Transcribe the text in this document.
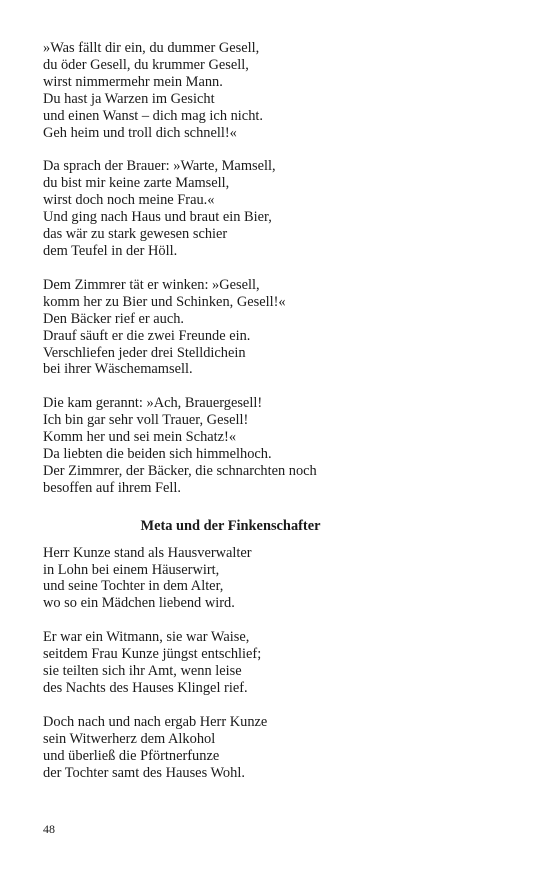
»Was fällt dir ein, du dummer Gesell,
du öder Gesell, du krummer Gesell,
wirst nimmermehr mein Mann.
Du hast ja Warzen im Gesicht
und einen Wanst – dich mag ich nicht.
Geh heim und troll dich schnell!«
Da sprach der Brauer: »Warte, Mamsell,
du bist mir keine zarte Mamsell,
wirst doch noch meine Frau.«
Und ging nach Haus und braut ein Bier,
das wär zu stark gewesen schier
dem Teufel in der Höll.
Dem Zimmrer tät er winken: »Gesell,
komm her zu Bier und Schinken, Gesell!«
Den Bäcker rief er auch.
Drauf säuft er die zwei Freunde ein.
Verschliefen jeder drei Stelldichein
bei ihrer Wäschemamsell.
Die kam gerannt: »Ach, Brauergesell!
Ich bin gar sehr voll Trauer, Gesell!
Komm her und sei mein Schatz!«
Da liebten die beiden sich himmelhoch.
Der Zimmrer, der Bäcker, die schnarchten noch
besoffen auf ihrem Fell.
Meta und der Finkenschafter
Herr Kunze stand als Hausverwalter
in Lohn bei einem Häuserwirt,
und seine Tochter in dem Alter,
wo so ein Mädchen liebend wird.
Er war ein Witmann, sie war Waise,
seitdem Frau Kunze jüngst entschlief;
sie teilten sich ihr Amt, wenn leise
des Nachts des Hauses Klingel rief.
Doch nach und nach ergab Herr Kunze
sein Witwerherz dem Alkohol
und überließ die Pförtnerfunze
der Tochter samt des Hauses Wohl.
48
